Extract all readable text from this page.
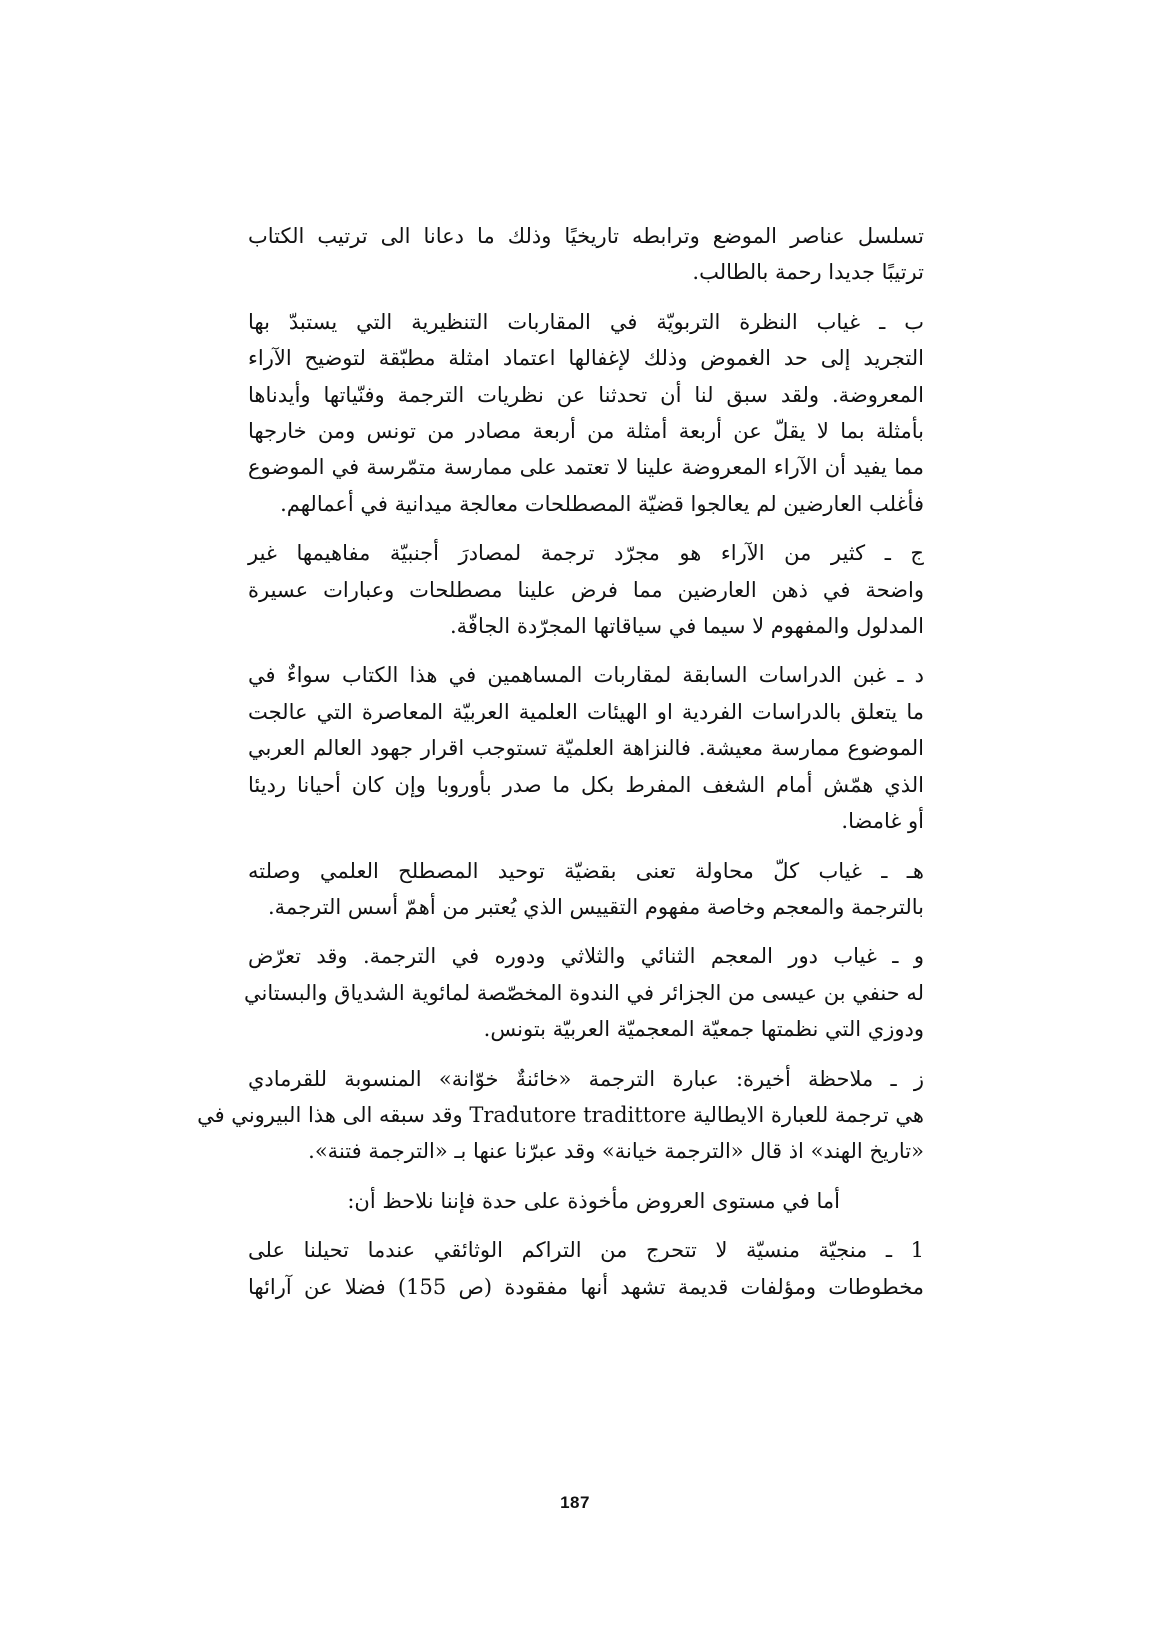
تسلسل عناصر الموضع وترابطه تاريخيًا وذلك ما دعانا الى ترتيب الكتاب
ترتيبًا جديدا رحمة بالطالب.

ب ـ غياب النظرة التربويّة في المقاربات التنظيرية التي يستبدّ بها
التجريد إلى حد الغموض وذلك لإغفالها اعتماد امثلة مطبّقة لتوضيح الآراء
المعروضة. ولقد سبق لنا أن تحدثنا عن نظريات الترجمة وفنّياتها وأيدناها
بأمثلة بما لا يقلّ عن أربعة أمثلة من أربعة مصادر من تونس ومن خارجها
مما يفيد أن الآراء المعروضة علينا لا تعتمد على ممارسة متمّرسة في الموضوع
فأغلب العارضين لم يعالجوا قضيّة المصطلحات معالجة ميدانية في أعمالهم.

ج ـ كثير من الآراء هو مجرّد ترجمة لمصادرَ أجنبيّة مفاهيمها غير
واضحة في ذهن العارضين مما فرض علينا مصطلحات وعبارات عسيرة
المدلول والمفهوم لا سيما في سياقاتها المجرّدة الجافّة.

د ـ غبن الدراسات السابقة لمقاربات المساهمين في هذا الكتاب سواءٌ في
ما يتعلق بالدراسات الفردية او الهيئات العلمية العربيّة المعاصرة التي عالجت
الموضوع ممارسة معيشة. فالنزاهة العلميّة تستوجب اقرار جهود العالم العربي
الذي همّش أمام الشغف المفرط بكل ما صدر بأوروبا وإن كان أحيانا رديئا
أو غامضا.

هـ ـ غياب كلّ محاولة تعنى بقضيّة توحيد المصطلح العلمي وصلته
بالترجمة والمعجم وخاصة مفهوم التقييس الذي يُعتبر من أهمّ أسس الترجمة.

و ـ غياب دور المعجم الثنائي والثلاثي ودوره في الترجمة. وقد تعرّض
له حنفي بن عيسى من الجزائر في الندوة المخصّصة لمائوية الشدياق والبستاني
ودوزي التي نظمتها جمعيّة المعجميّة العربيّة بتونس.

ز ـ ملاحظة أخيرة: عبارة الترجمة «خائنةٌ خوّانة» المنسوبة للقرمادي
هي ترجمة للعبارة الايطالية Tradutore tradittore وقد سبقه الى هذا البيروني في
«تاريخ الهند» اذ قال «الترجمة خيانة» وقد عبرّنا عنها بـ «الترجمة فتنة».

أما في مستوى العروض مأخوذة على حدة فإننا نلاحظ أن:

1 ـ منجيّة منسيّة لا تتحرج من التراكم الوثائقي عندما تحيلنا على
مخطوطات ومؤلفات قديمة تشهد أنها مفقودة (ص 155) فضلا عن آرائها

187
